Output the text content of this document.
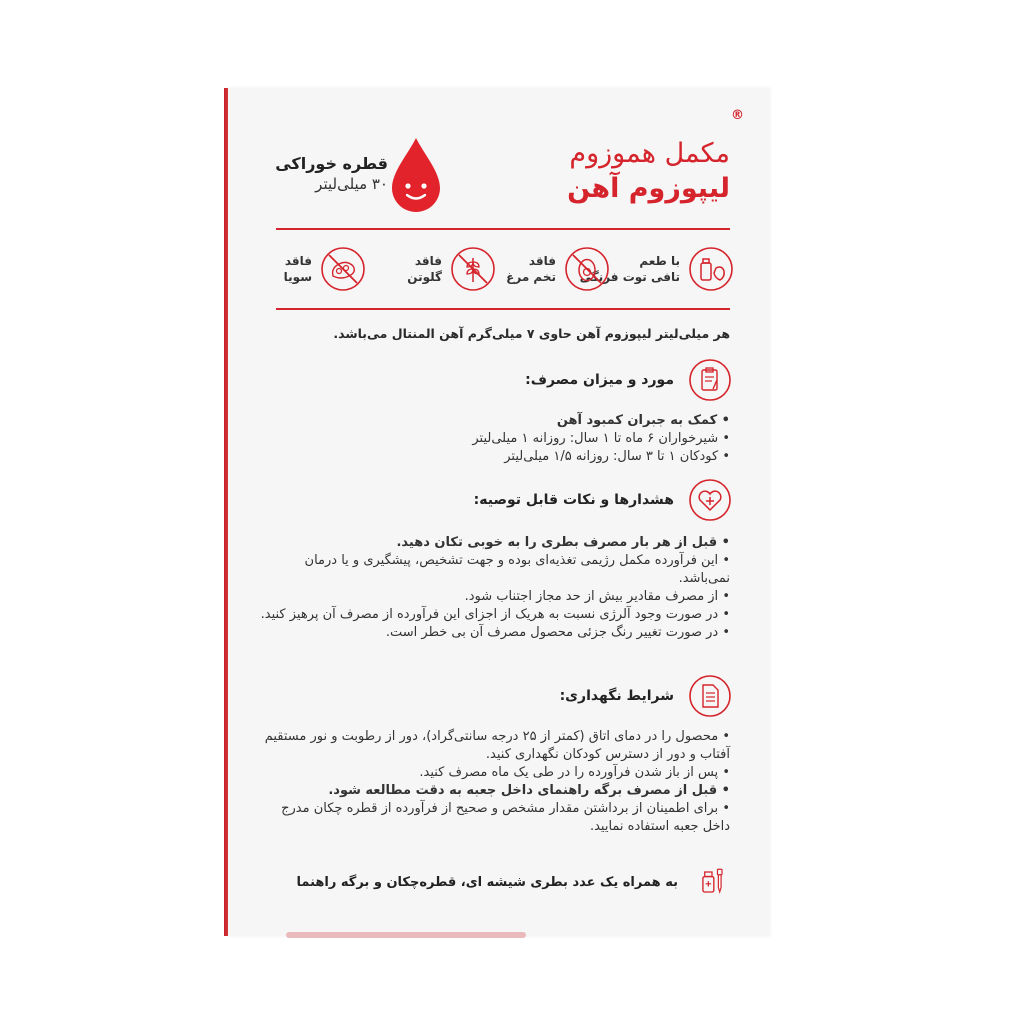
مکمل هموزوم
لیپوزوم آهن
®
قطره خوراکی
۳۰ میلی‌لیتر
با طعم
تافی توت فرنگی
فاقد
تخم مرغ
فاقد
گلوتن
فاقد
سویا
هر میلی‌لیتر لیپوزوم آهن حاوی ۷ میلی‌گرم آهن المنتال می‌باشد.
مورد و میزان مصرف:
• کمک به جبران کمبود آهن
• شیرخواران ۶ ماه تا ۱ سال: روزانه ۱ میلی‌لیتر
• کودکان ۱ تا ۳ سال: روزانه ۱/۵ میلی‌لیتر
هشدارها و نکات قابل توصیه:
• قبل از هر بار مصرف بطری را به خوبی تکان دهید.
• این فرآورده مکمل رژیمی تغذیه‌ای بوده و جهت تشخیص، پیشگیری و یا درمان نمی‌باشد.
• از مصرف مقادیر بیش از حد مجاز اجتناب شود.
• در صورت وجود آلرژی نسبت به هریک از اجزای این فرآورده از مصرف آن پرهیز کنید.
• در صورت تغییر رنگ جزئی محصول مصرف آن بی خطر است.
شرایط نگهداری:
• محصول را در دمای اتاق (کمتر از ۲۵ درجه سانتی‌گراد)، دور از رطوبت و نور مستقیم آفتاب و دور از دسترس کودکان نگهداری کنید.
• پس از باز شدن فرآورده را در طی یک ماه مصرف کنید.
• قبل از مصرف برگه راهنمای داخل جعبه به دقت مطالعه شود.
• برای اطمینان از برداشتن مقدار مشخص و صحیح از فرآورده از قطره چکان مدرج داخل جعبه استفاده نمایید.
به همراه یک عدد بطری شیشه ای، قطره‌چکان و برگه راهنما
